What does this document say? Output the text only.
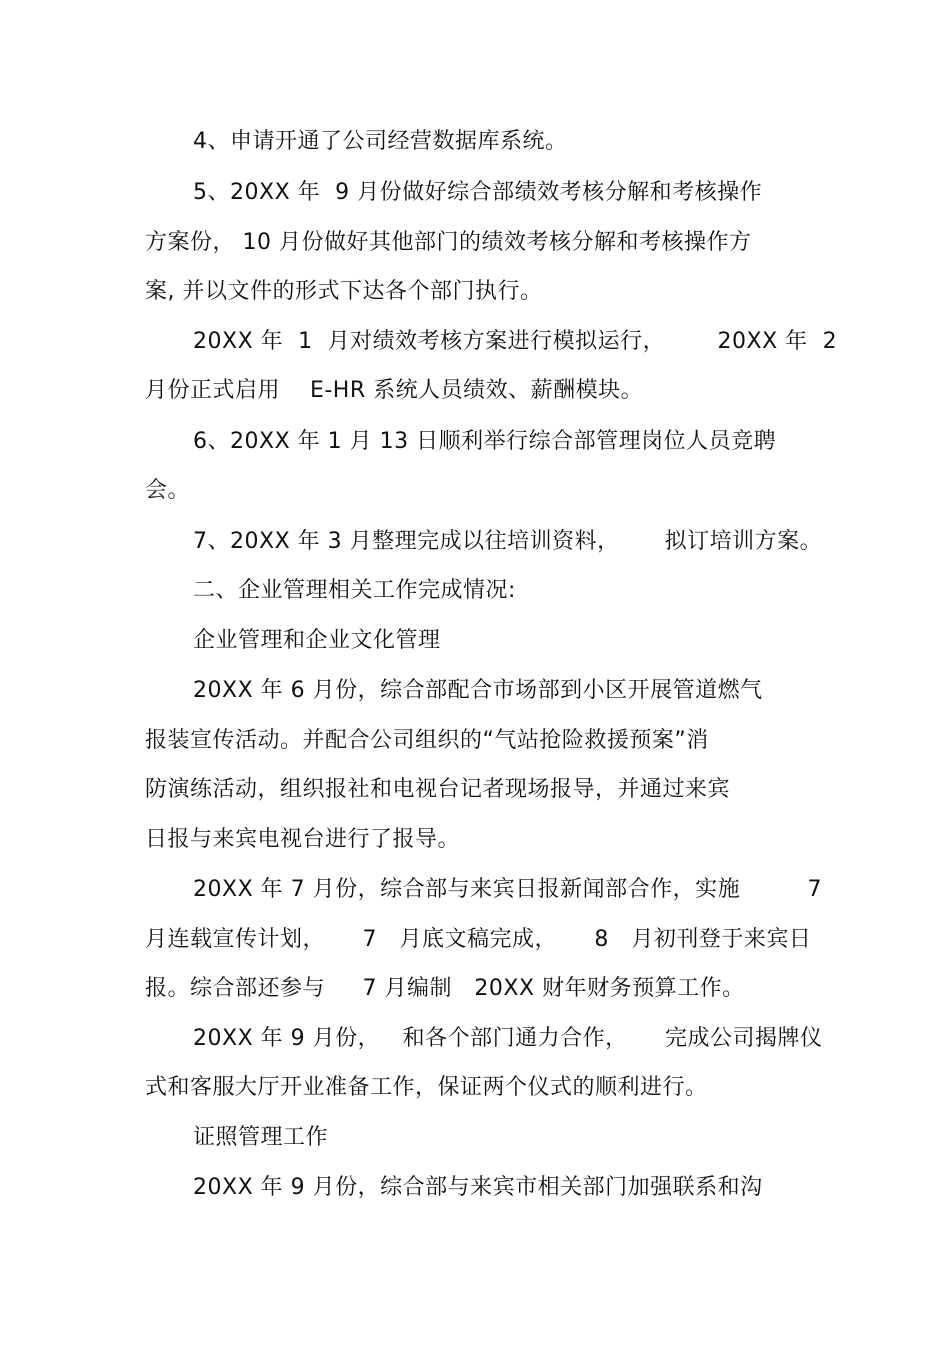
4、申请开通了公司经营数据库系统。
5、20XX 年  9 月份做好综合部绩效考核分解和考核操作
方案份， 10 月份做好其他部门的绩效考核分解和考核操作方
案, 并以文件的形式下达各个部门执行。
20XX 年  1  月对绩效考核方案进行模拟运行，       20XX 年  2
月份正式启用    E-HR 系统人员绩效、薪酬模块。
6、20XX 年 1 月 13 日顺利举行综合部管理岗位人员竞聘
会。
7、20XX 年 3 月整理完成以往培训资料，      拟订培训方案。
二、企业管理相关工作完成情况:
企业管理和企业文化管理
20XX 年 6 月份，综合部配合市场部到小区开展管道燃气
报装宣传活动。并配合公司组织的“气站抢险救援预案”消
防演练活动，组织报社和电视台记者现场报导，并通过来宾
日报与来宾电视台进行了报导。
20XX 年 7 月份，综合部与来宾日报新闻部合作，实施         7
月连载宣传计划，     7   月底文稿完成，     8   月初刊登于来宾日
报。综合部还参与     7 月编制   20XX 财年财务预算工作。
20XX 年 9 月份，   和各个部门通力合作，     完成公司揭牌仪
式和客服大厅开业准备工作，保证两个仪式的顺利进行。
证照管理工作
20XX 年 9 月份，综合部与来宾市相关部门加强联系和沟
